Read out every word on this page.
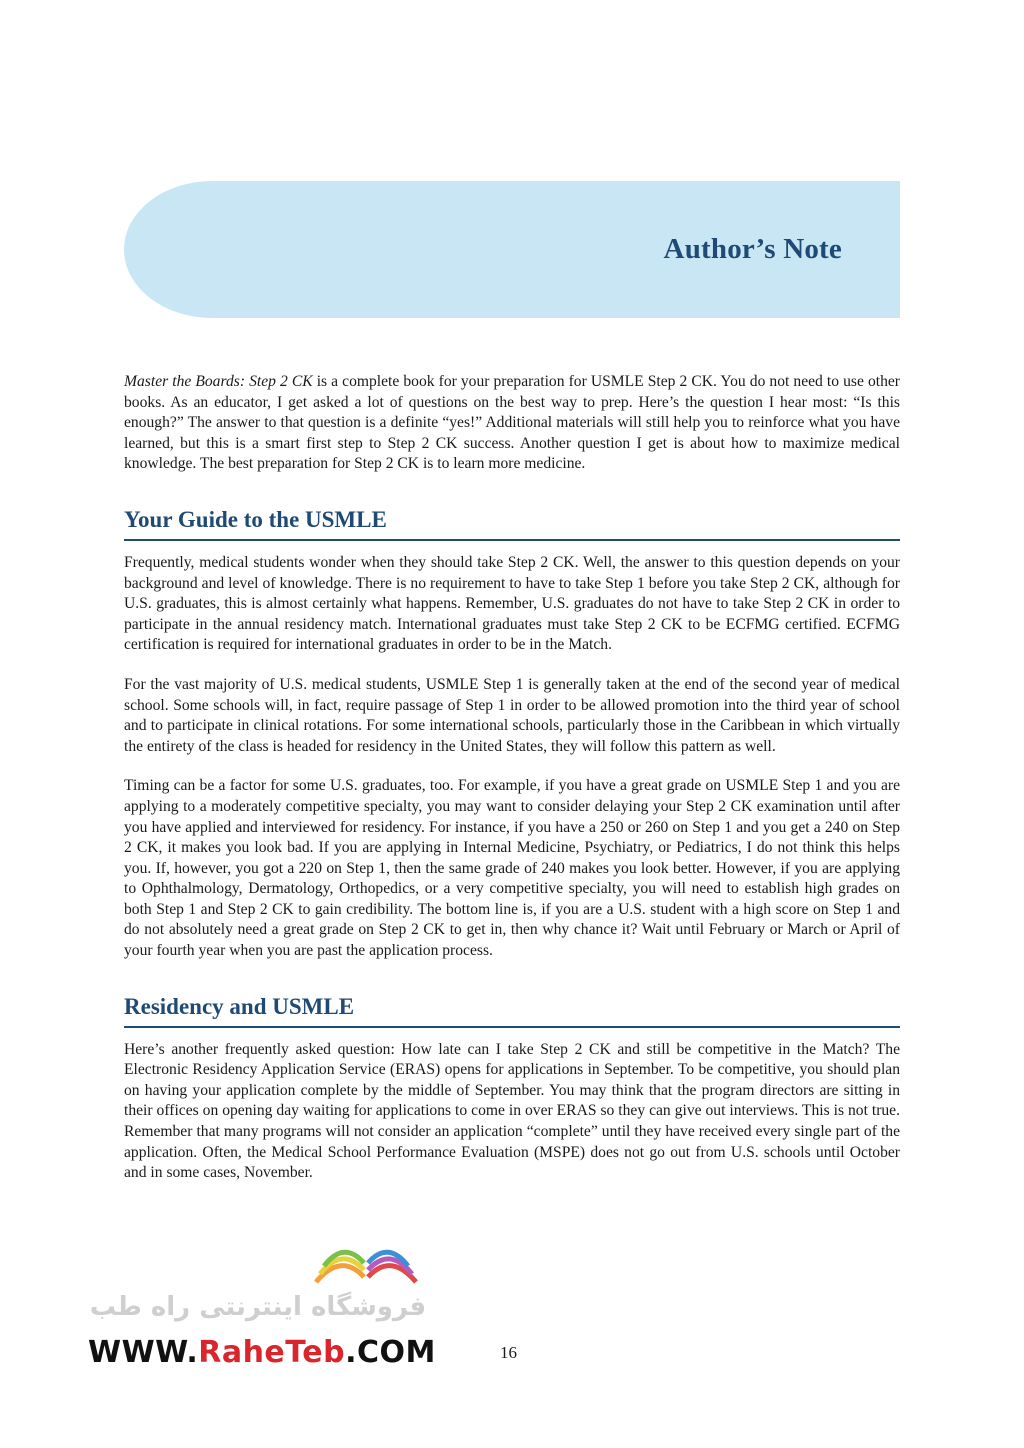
Author’s Note

Master the Boards: Step 2 CK is a complete book for your preparation for USMLE Step 2 CK. You do not need to use other books. As an educator, I get asked a lot of questions on the best way to prep. Here’s the question I hear most: “Is this enough?” The answer to that question is a definite “yes!” Additional materials will still help you to reinforce what you have learned, but this is a smart first step to Step 2 CK success. Another question I get is about how to maximize medical knowledge. The best preparation for Step 2 CK is to learn more medicine.

Your Guide to the USMLE

Frequently, medical students wonder when they should take Step 2 CK. Well, the answer to this question depends on your background and level of knowledge. There is no requirement to have to take Step 1 before you take Step 2 CK, although for U.S. graduates, this is almost certainly what happens. Remember, U.S. graduates do not have to take Step 2 CK in order to participate in the annual residency match. International graduates must take Step 2 CK to be ECFMG certified. ECFMG certification is required for international graduates in order to be in the Match.

For the vast majority of U.S. medical students, USMLE Step 1 is generally taken at the end of the second year of medical school. Some schools will, in fact, require passage of Step 1 in order to be allowed promotion into the third year of school and to participate in clinical rotations. For some international schools, particularly those in the Caribbean in which virtually the entirety of the class is headed for residency in the United States, they will follow this pattern as well.

Timing can be a factor for some U.S. graduates, too. For example, if you have a great grade on USMLE Step 1 and you are applying to a moderately competitive specialty, you may want to consider delaying your Step 2 CK examination until after you have applied and interviewed for residency. For instance, if you have a 250 or 260 on Step 1 and you get a 240 on Step 2 CK, it makes you look bad. If you are applying in Internal Medicine, Psychiatry, or Pediatrics, I do not think this helps you. If, however, you got a 220 on Step 1, then the same grade of 240 makes you look better. However, if you are applying to Ophthalmology, Dermatology, Orthopedics, or a very competitive specialty, you will need to establish high grades on both Step 1 and Step 2 CK to gain credibility. The bottom line is, if you are a U.S. student with a high score on Step 1 and do not absolutely need a great grade on Step 2 CK to get in, then why chance it? Wait until February or March or April of your fourth year when you are past the application process.

Residency and USMLE

Here’s another frequently asked question: How late can I take Step 2 CK and still be competitive in the Match? The Electronic Residency Application Service (ERAS) opens for applications in September. To be competitive, you should plan on having your application complete by the middle of September. You may think that the program directors are sitting in their offices on opening day waiting for applications to come in over ERAS so they can give out interviews. This is not true. Remember that many programs will not consider an application “complete” until they have received every single part of the application. Often, the Medical School Performance Evaluation (MSPE) does not go out from U.S. schools until October and in some cases, November.

فروشگاه اینترنتی راه طب
WWW.RaheTeb.COM	16
